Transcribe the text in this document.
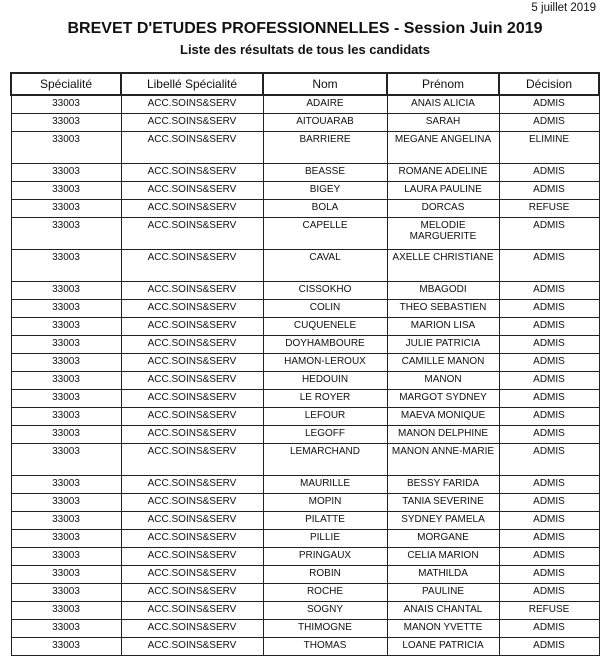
5 juillet 2019
BREVET D'ETUDES PROFESSIONNELLES - Session Juin 2019
Liste des résultats de tous les candidats
Spécialité	Libellé Spécialité	Nom	Prénom	Décision
33003	ACC.SOINS&SERV	ADAIRE	ANAIS ALICIA	ADMIS
33003	ACC.SOINS&SERV	AITOUARAB	SARAH	ADMIS
33003	ACC.SOINS&SERV	BARRIERE	MEGANE ANGELINA	ELIMINE
33003	ACC.SOINS&SERV	BEASSE	ROMANE ADELINE	ADMIS
33003	ACC.SOINS&SERV	BIGEY	LAURA PAULINE	ADMIS
33003	ACC.SOINS&SERV	BOLA	DORCAS	REFUSE
33003	ACC.SOINS&SERV	CAPELLE	MELODIE MARGUERITE	ADMIS
33003	ACC.SOINS&SERV	CAVAL	AXELLE CHRISTIANE	ADMIS
33003	ACC.SOINS&SERV	CISSOKHO	MBAGODI	ADMIS
33003	ACC.SOINS&SERV	COLIN	THEO SEBASTIEN	ADMIS
33003	ACC.SOINS&SERV	CUQUENELE	MARION LISA	ADMIS
33003	ACC.SOINS&SERV	DOYHAMBOURE	JULIE PATRICIA	ADMIS
33003	ACC.SOINS&SERV	HAMON-LEROUX	CAMILLE MANON	ADMIS
33003	ACC.SOINS&SERV	HEDOUIN	MANON	ADMIS
33003	ACC.SOINS&SERV	LE ROYER	MARGOT SYDNEY	ADMIS
33003	ACC.SOINS&SERV	LEFOUR	MAEVA MONIQUE	ADMIS
33003	ACC.SOINS&SERV	LEGOFF	MANON DELPHINE	ADMIS
33003	ACC.SOINS&SERV	LEMARCHAND	MANON ANNE-MARIE	ADMIS
33003	ACC.SOINS&SERV	MAURILLE	BESSY FARIDA	ADMIS
33003	ACC.SOINS&SERV	MOPIN	TANIA SEVERINE	ADMIS
33003	ACC.SOINS&SERV	PILATTE	SYDNEY PAMELA	ADMIS
33003	ACC.SOINS&SERV	PILLIE	MORGANE	ADMIS
33003	ACC.SOINS&SERV	PRINGAUX	CELIA MARION	ADMIS
33003	ACC.SOINS&SERV	ROBIN	MATHILDA	ADMIS
33003	ACC.SOINS&SERV	ROCHE	PAULINE	ADMIS
33003	ACC.SOINS&SERV	SOGNY	ANAIS CHANTAL	REFUSE
33003	ACC.SOINS&SERV	THIMOGNE	MANON YVETTE	ADMIS
33003	ACC.SOINS&SERV	THOMAS	LOANE PATRICIA	ADMIS
